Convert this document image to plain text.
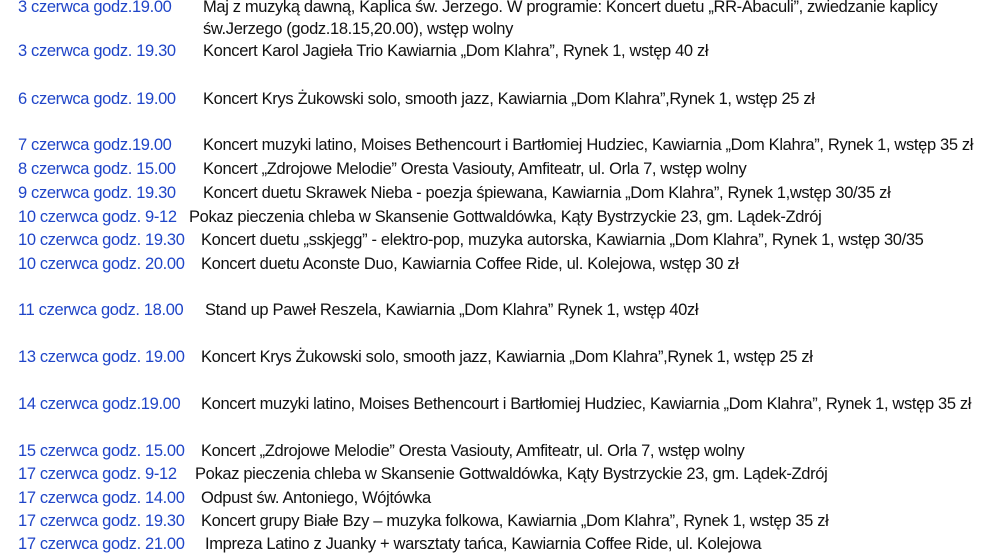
3 czerwca godz.19.00 Maj z muzyką dawną, Kaplica św. Jerzego. W programie: Koncert duetu „RR-Abaculi”, zwiedzanie kaplicy
św.Jerzego (godz.18.15,20.00), wstęp wolny
3 czerwca godz. 19.30 Koncert Karol Jagieła Trio Kawiarnia „Dom Klahra”, Rynek 1, wstęp 40 zł
6 czerwca godz. 19.00 Koncert Krys Żukowski solo, smooth jazz, Kawiarnia „Dom Klahra”,Rynek 1, wstęp 25 zł
7 czerwca godz.19.00 Koncert muzyki latino, Moises Bethencourt i Bartłomiej Hudziec, Kawiarnia „Dom Klahra”, Rynek 1, wstęp 35 zł
8 czerwca godz. 15.00 Koncert „Zdrojowe Melodie” Oresta Vasiouty, Amfiteatr, ul. Orla 7, wstęp wolny
9 czerwca godz. 19.30 Koncert duetu Skrawek Nieba - poezja śpiewana, Kawiarnia „Dom Klahra”, Rynek 1,wstęp 30/35 zł
10 czerwca godz. 9-12 Pokaz pieczenia chleba w Skansenie Gottwaldówka, Kąty Bystrzyckie 23, gm. Lądek-Zdrój
10 czerwca godz. 19.30 Koncert duetu „sskjegg” - elektro-pop, muzyka autorska, Kawiarnia „Dom Klahra”, Rynek 1, wstęp 30/35
10 czerwca godz. 20.00 Koncert duetu Aconste Duo, Kawiarnia Coffee Ride, ul. Kolejowa, wstęp 30 zł
11 czerwca godz. 18.00 Stand up Paweł Reszela, Kawiarnia „Dom Klahra” Rynek 1, wstęp 40zł
13 czerwca godz. 19.00 Koncert Krys Żukowski solo, smooth jazz, Kawiarnia „Dom Klahra”,Rynek 1, wstęp 25 zł
14 czerwca godz.19.00 Koncert muzyki latino, Moises Bethencourt i Bartłomiej Hudziec, Kawiarnia „Dom Klahra”, Rynek 1, wstęp 35 zł
15 czerwca godz. 15.00 Koncert „Zdrojowe Melodie” Oresta Vasiouty, Amfiteatr, ul. Orla 7, wstęp wolny
17 czerwca godz. 9-12 Pokaz pieczenia chleba w Skansenie Gottwaldówka, Kąty Bystrzyckie 23, gm. Lądek-Zdrój
17 czerwca godz. 14.00 Odpust św. Antoniego, Wójtówka
17 czerwca godz. 19.30 Koncert grupy Białe Bzy – muzyka folkowa, Kawiarnia „Dom Klahra”, Rynek 1, wstęp 35 zł
17 czerwca godz. 21.00 Impreza Latino z Juanky + warsztaty tańca, Kawiarnia Coffee Ride, ul. Kolejowa
